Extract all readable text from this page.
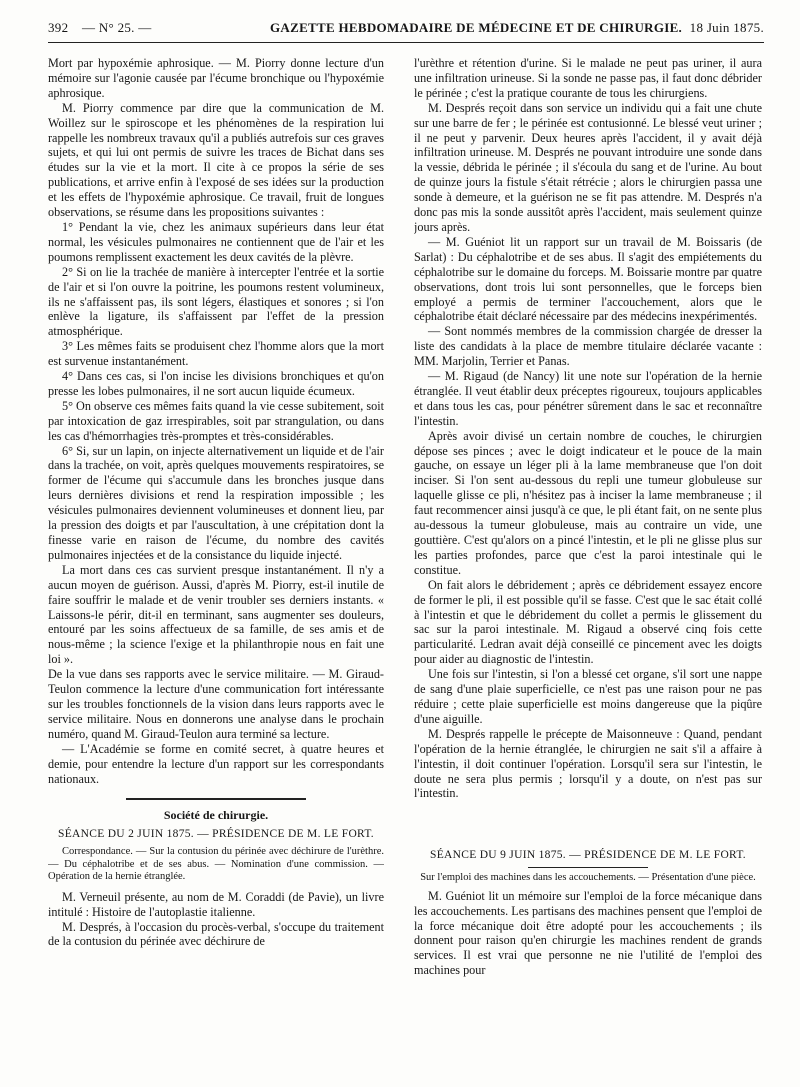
392 — N° 25. —	GAZETTE HEBDOMADAIRE DE MÉDECINE ET DE CHIRURGIE. 18 Juin 1875.

Mort par hypoxémie aphrosique. — M. Piorry donne lecture d'un mémoire sur l'agonie causée par l'écume bronchique ou l'hypoxémie aphrosique.

M. Piorry commence par dire que la communication de M. Woillez sur le spiroscope et les phénomènes de la respiration lui rappelle les nombreux travaux qu'il a publiés autrefois sur ces graves sujets, et qui lui ont permis de suivre les traces de Bichat dans ses études sur la vie et la mort. Il cite à ce propos la série de ses publications, et arrive enfin à l'exposé de ses idées sur la production et les effets de l'hypoxémie aphrosique. Ce travail, fruit de longues observations, se résume dans les propositions suivantes :

1° Pendant la vie, chez les animaux supérieurs dans leur état normal, les vésicules pulmonaires ne contiennent que de l'air et les poumons remplissent exactement les deux cavités de la plèvre.

2° Si on lie la trachée de manière à intercepter l'entrée et la sortie de l'air et si l'on ouvre la poitrine, les poumons restent volumineux, ils ne s'affaissent pas, ils sont légers, élastiques et sonores ; si l'on enlève la ligature, ils s'affaissent par l'effet de la pression atmosphérique.

3° Les mêmes faits se produisent chez l'homme alors que la mort est survenue instantanément.

4° Dans ces cas, si l'on incise les divisions bronchiques et qu'on presse les lobes pulmonaires, il ne sort aucun liquide écumeux.

5° On observe ces mêmes faits quand la vie cesse subitement, soit par intoxication de gaz irrespirables, soit par strangulation, ou dans les cas d'hémorrhagies très-promptes et très-considérables.

6° Si, sur un lapin, on injecte alternativement un liquide et de l'air dans la trachée, on voit, après quelques mouvements respiratoires, se former de l'écume qui s'accumule dans les bronches jusque dans leurs dernières divisions et rend la respiration impossible ; les vésicules pulmonaires deviennent volumineuses et donnent lieu, par la pression des doigts et par l'auscultation, à une crépitation dont la finesse varie en raison de l'écume, du nombre des cavités pulmonaires injectées et de la consistance du liquide injecté.

La mort dans ces cas survient presque instantanément. Il n'y a aucun moyen de guérison. Aussi, d'après M. Piorry, est-il inutile de faire souffrir le malade et de venir troubler ses derniers instants. « Laissons-le périr, dit-il en terminant, sans augmenter ses douleurs, entouré par les soins affectueux de sa famille, de ses amis et de nous-même ; la science l'exige et la philanthropie nous en fait une loi ».

De la vue dans ses rapports avec le service militaire. — M. Giraud-Teulon commence la lecture d'une communication fort intéressante sur les troubles fonctionnels de la vision dans leurs rapports avec le service militaire. Nous en donnerons une analyse dans le prochain numéro, quand M. Giraud-Teulon aura terminé sa lecture.

— L'Académie se forme en comité secret, à quatre heures et demie, pour entendre la lecture d'un rapport sur les correspondants nationaux.

Société de chirurgie.
SÉANCE DU 2 JUIN 1875. — PRÉSIDENCE DE M. LE FORT.

Correspondance. — Sur la contusion du périnée avec déchirure de l'urèthre. — Du céphalotribe et de ses abus. — Nomination d'une commission. — Opération de la hernie étranglée.

M. Verneuil présente, au nom de M. Coraddi (de Pavie), un livre intitulé : Histoire de l'autoplastie italienne.

M. Després, à l'occasion du procès-verbal, s'occupe du traitement de la contusion du périnée avec déchirure de

l'urèthre et rétention d'urine. Si le malade ne peut pas uriner, il aura une infiltration urineuse. Si la sonde ne passe pas, il faut donc débrider le périnée ; c'est la pratique courante de tous les chirurgiens.

M. Després reçoit dans son service un individu qui a fait une chute sur une barre de fer ; le périnée est contusionné. Le blessé veut uriner ; il ne peut y parvenir. Deux heures après l'accident, il y avait déjà infiltration urineuse. M. Després ne pouvant introduire une sonde dans la vessie, débrida le périnée ; il s'écoula du sang et de l'urine. Au bout de quinze jours la fistule s'était rétrécie ; alors le chirurgien passa une sonde à demeure, et la guérison ne se fit pas attendre. M. Després n'a donc pas mis la sonde aussitôt après l'accident, mais seulement quinze jours après.

— M. Guéniot lit un rapport sur un travail de M. Boissaris (de Sarlat) : Du céphalotribe et de ses abus. Il s'agit des empiétements du céphalotribe sur le domaine du forceps. M. Boissarie montre par quatre observations, dont trois lui sont personnelles, que le forceps bien employé a permis de terminer l'accouchement, alors que le céphalotribe était déclaré nécessaire par des médecins inexpérimentés.

— Sont nommés membres de la commission chargée de dresser la liste des candidats à la place de membre titulaire déclarée vacante : MM. Marjolin, Terrier et Panas.

— M. Rigaud (de Nancy) lit une note sur l'opération de la hernie étranglée. Il veut établir deux préceptes rigoureux, toujours applicables et dans tous les cas, pour pénétrer sûrement dans le sac et reconnaître l'intestin.

Après avoir divisé un certain nombre de couches, le chirurgien dépose ses pinces ; avec le doigt indicateur et le pouce de la main gauche, on essaye un léger pli à la lame membraneuse que l'on doit inciser. Si l'on sent au-dessous du repli une tumeur globuleuse sur laquelle glisse ce pli, n'hésitez pas à inciser la lame membraneuse ; il faut recommencer ainsi jusqu'à ce que, le pli étant fait, on ne sente plus au-dessous la tumeur globuleuse, mais au contraire un vide, une gouttière. C'est qu'alors on a pincé l'intestin, et le pli ne glisse plus sur les parties profondes, parce que c'est la paroi intestinale qui le constitue.

On fait alors le débridement ; après ce débridement essayez encore de former le pli, il est possible qu'il se fasse. C'est que le sac était collé à l'intestin et que le débridement du collet a permis le glissement du sac sur la paroi intestinale. M. Rigaud a observé cinq fois cette particularité. Ledran avait déjà conseillé ce pincement avec les doigts pour aider au diagnostic de l'intestin.

Une fois sur l'intestin, si l'on a blessé cet organe, s'il sort une nappe de sang d'une plaie superficielle, ce n'est pas une raison pour ne pas réduire ; cette plaie superficielle est moins dangereuse que la piqûre d'une aiguille.

M. Després rappelle le précepte de Maisonneuve : Quand, pendant l'opération de la hernie étranglée, le chirurgien ne sait s'il a affaire à l'intestin, il doit continuer l'opération. Lorsqu'il sera sur l'intestin, le doute ne sera plus permis ; lorsqu'il y a doute, on n'est pas sur l'intestin.

SÉANCE DU 9 JUIN 1875. — PRÉSIDENCE DE M. LE FORT.

Sur l'emploi des machines dans les accouchements. — Présentation d'une pièce.

M. Guéniot lit un mémoire sur l'emploi de la force mécanique dans les accouchements. Les partisans des machines pensent que l'emploi de la force mécanique doit être adopté pour les accouchements ; ils donnent pour raison qu'en chirurgie les machines rendent de grands services. Il est vrai que personne ne nie l'utilité de l'emploi des machines pour
